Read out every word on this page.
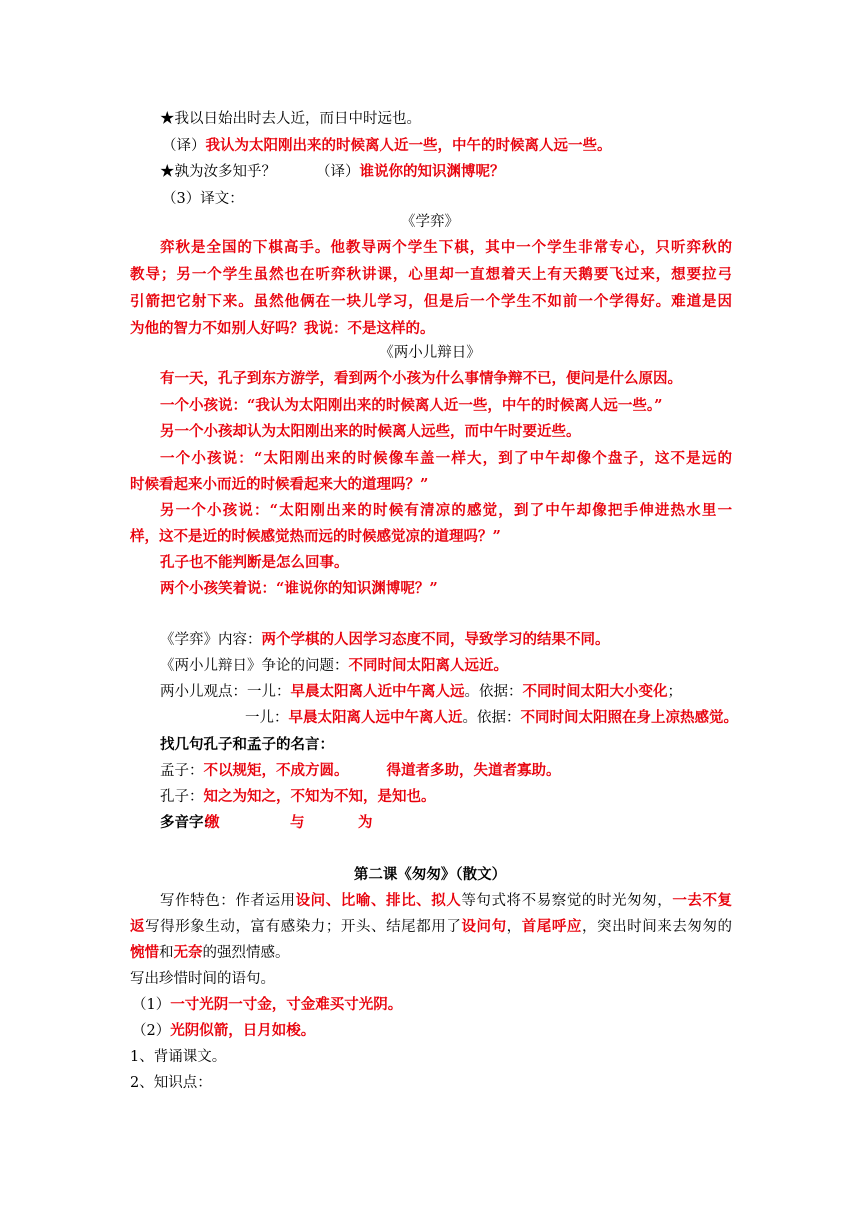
★我以日始出时去人近，而日中时远也。
（译）我认为太阳刚出来的时候离人近一些，中午的时候离人远一些。
★孰为汝多知乎？	（译）谁说你的知识渊博呢？
（3）译文：
《学弈》
弈秋是全国的下棋高手。他教导两个学生下棋，其中一个学生非常专心，只听弈秋的
教导；另一个学生虽然也在听弈秋讲课，心里却一直想着天上有天鹅要飞过来，想要拉弓
引箭把它射下来。虽然他俩在一块儿学习，但是后一个学生不如前一个学得好。难道是因
为他的智力不如别人好吗？我说：不是这样的。
《两小儿辩日》
有一天，孔子到东方游学，看到两个小孩为什么事情争辩不已，便问是什么原因。
一个小孩说：“我认为太阳刚出来的时候离人近一些，中午的时候离人远一些。”
另一个小孩却认为太阳刚出来的时候离人远些，而中午时要近些。
一个小孩说：“太阳刚出来的时候像车盖一样大，到了中午却像个盘子，这不是远的
时候看起来小而近的时候看起来大的道理吗？”
另一个小孩说：“太阳刚出来的时候有清凉的感觉，到了中午却像把手伸进热水里一
样，这不是近的时候感觉热而远的时候感觉凉的道理吗？”
孔子也不能判断是怎么回事。
两个小孩笑着说：“谁说你的知识渊博呢？”
《学弈》内容：两个学棋的人因学习态度不同，导致学习的结果不同。
《两小儿辩日》争论的问题：不同时间太阳离人远近。
两小儿观点：一儿：早晨太阳离人近中午离人远。依据：不同时间太阳大小变化；
一儿：早晨太阳离人远中午离人近。依据：不同时间太阳照在身上凉热感觉。
找几句孔子和孟子的名言：
孟子：不以规矩，不成方圆。	得道者多助，失道者寡助。
孔子：知之为知之，不知为不知，是知也。
多音字:
缴	与	为
第二课《匆匆》（散文）
写作特色：作者运用设问、比喻、排比、拟人等句式将不易察觉的时光匆匆，一去不复
返写得形象生动，富有感染力；开头、结尾都用了设问句，首尾呼应，突出时间来去匆匆的
惋惜和无奈的强烈情感。
写出珍惜时间的语句。
（1）一寸光阴一寸金，寸金难买寸光阴。
（2）光阴似箭，日月如梭。
1、背诵课文。
2、知识点：
